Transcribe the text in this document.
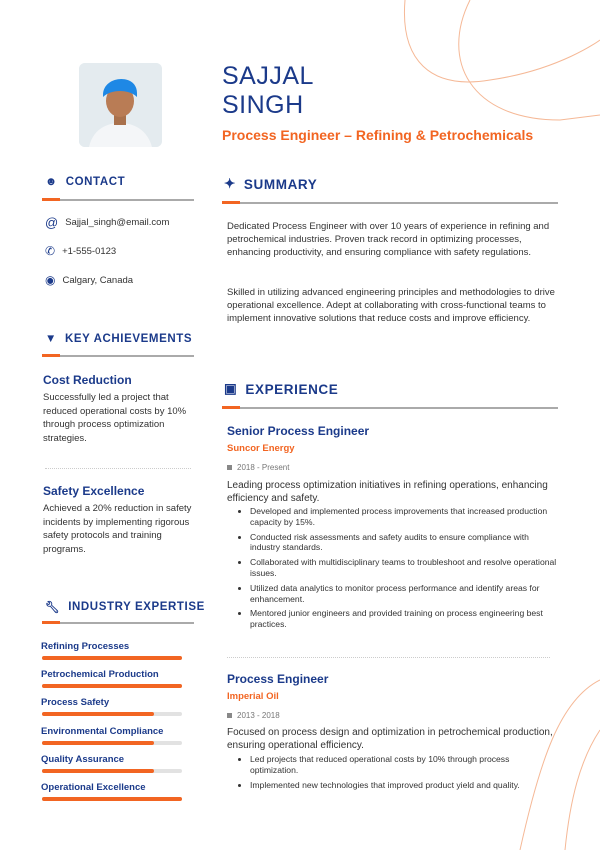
SAJJAL
SINGH
Process Engineer – Refining & Petrochemicals
☻ CONTACT
@ Sajjal_singh@email.com
✆ +1-555-0123
◉ Calgary, Canada
▼ KEY ACHIEVEMENTS
Cost Reduction
Successfully led a project that reduced operational costs by 10% through process optimization strategies.
Safety Excellence
Achieved a 20% reduction in safety incidents by implementing rigorous safety protocols and training programs.
🔧︎ INDUSTRY EXPERTISE
Refining Processes
Petrochemical Production
Process Safety
Environmental Compliance
Quality Assurance
Operational Excellence
✦ SUMMARY
Dedicated Process Engineer with over 10 years of experience in refining and petrochemical industries. Proven track record in optimizing processes, enhancing productivity, and ensuring compliance with safety regulations.
Skilled in utilizing advanced engineering principles and methodologies to drive operational excellence. Adept at collaborating with cross-functional teams to implement innovative solutions that reduce costs and improve efficiency.
▣ EXPERIENCE
Senior Process Engineer
Suncor Energy
2018 - Present
Leading process optimization initiatives in refining operations, enhancing efficiency and safety.
Developed and implemented process improvements that increased production capacity by 15%.
Conducted risk assessments and safety audits to ensure compliance with industry standards.
Collaborated with multidisciplinary teams to troubleshoot and resolve operational issues.
Utilized data analytics to monitor process performance and identify areas for enhancement.
Mentored junior engineers and provided training on process engineering best practices.
Process Engineer
Imperial Oil
2013 - 2018
Focused on process design and optimization in petrochemical production, ensuring operational efficiency.
Led projects that reduced operational costs by 10% through process optimization.
Implemented new technologies that improved product yield and quality.
